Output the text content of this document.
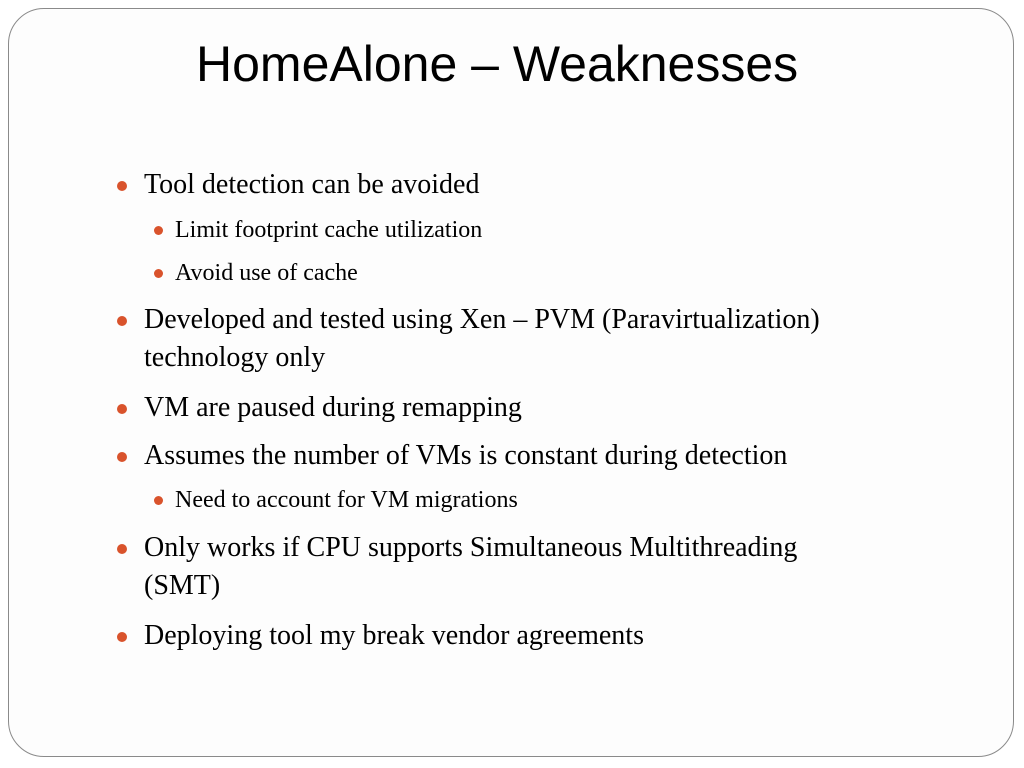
HomeAlone – Weaknesses
Tool detection can be avoided
Limit footprint cache utilization
Avoid use of cache
Developed and tested using Xen – PVM (Paravirtualization)
technology only
VM are paused during remapping
Assumes the number of VMs is constant during detection
Need to account for VM migrations
Only works if CPU supports Simultaneous Multithreading
(SMT)
Deploying tool my break vendor agreements
